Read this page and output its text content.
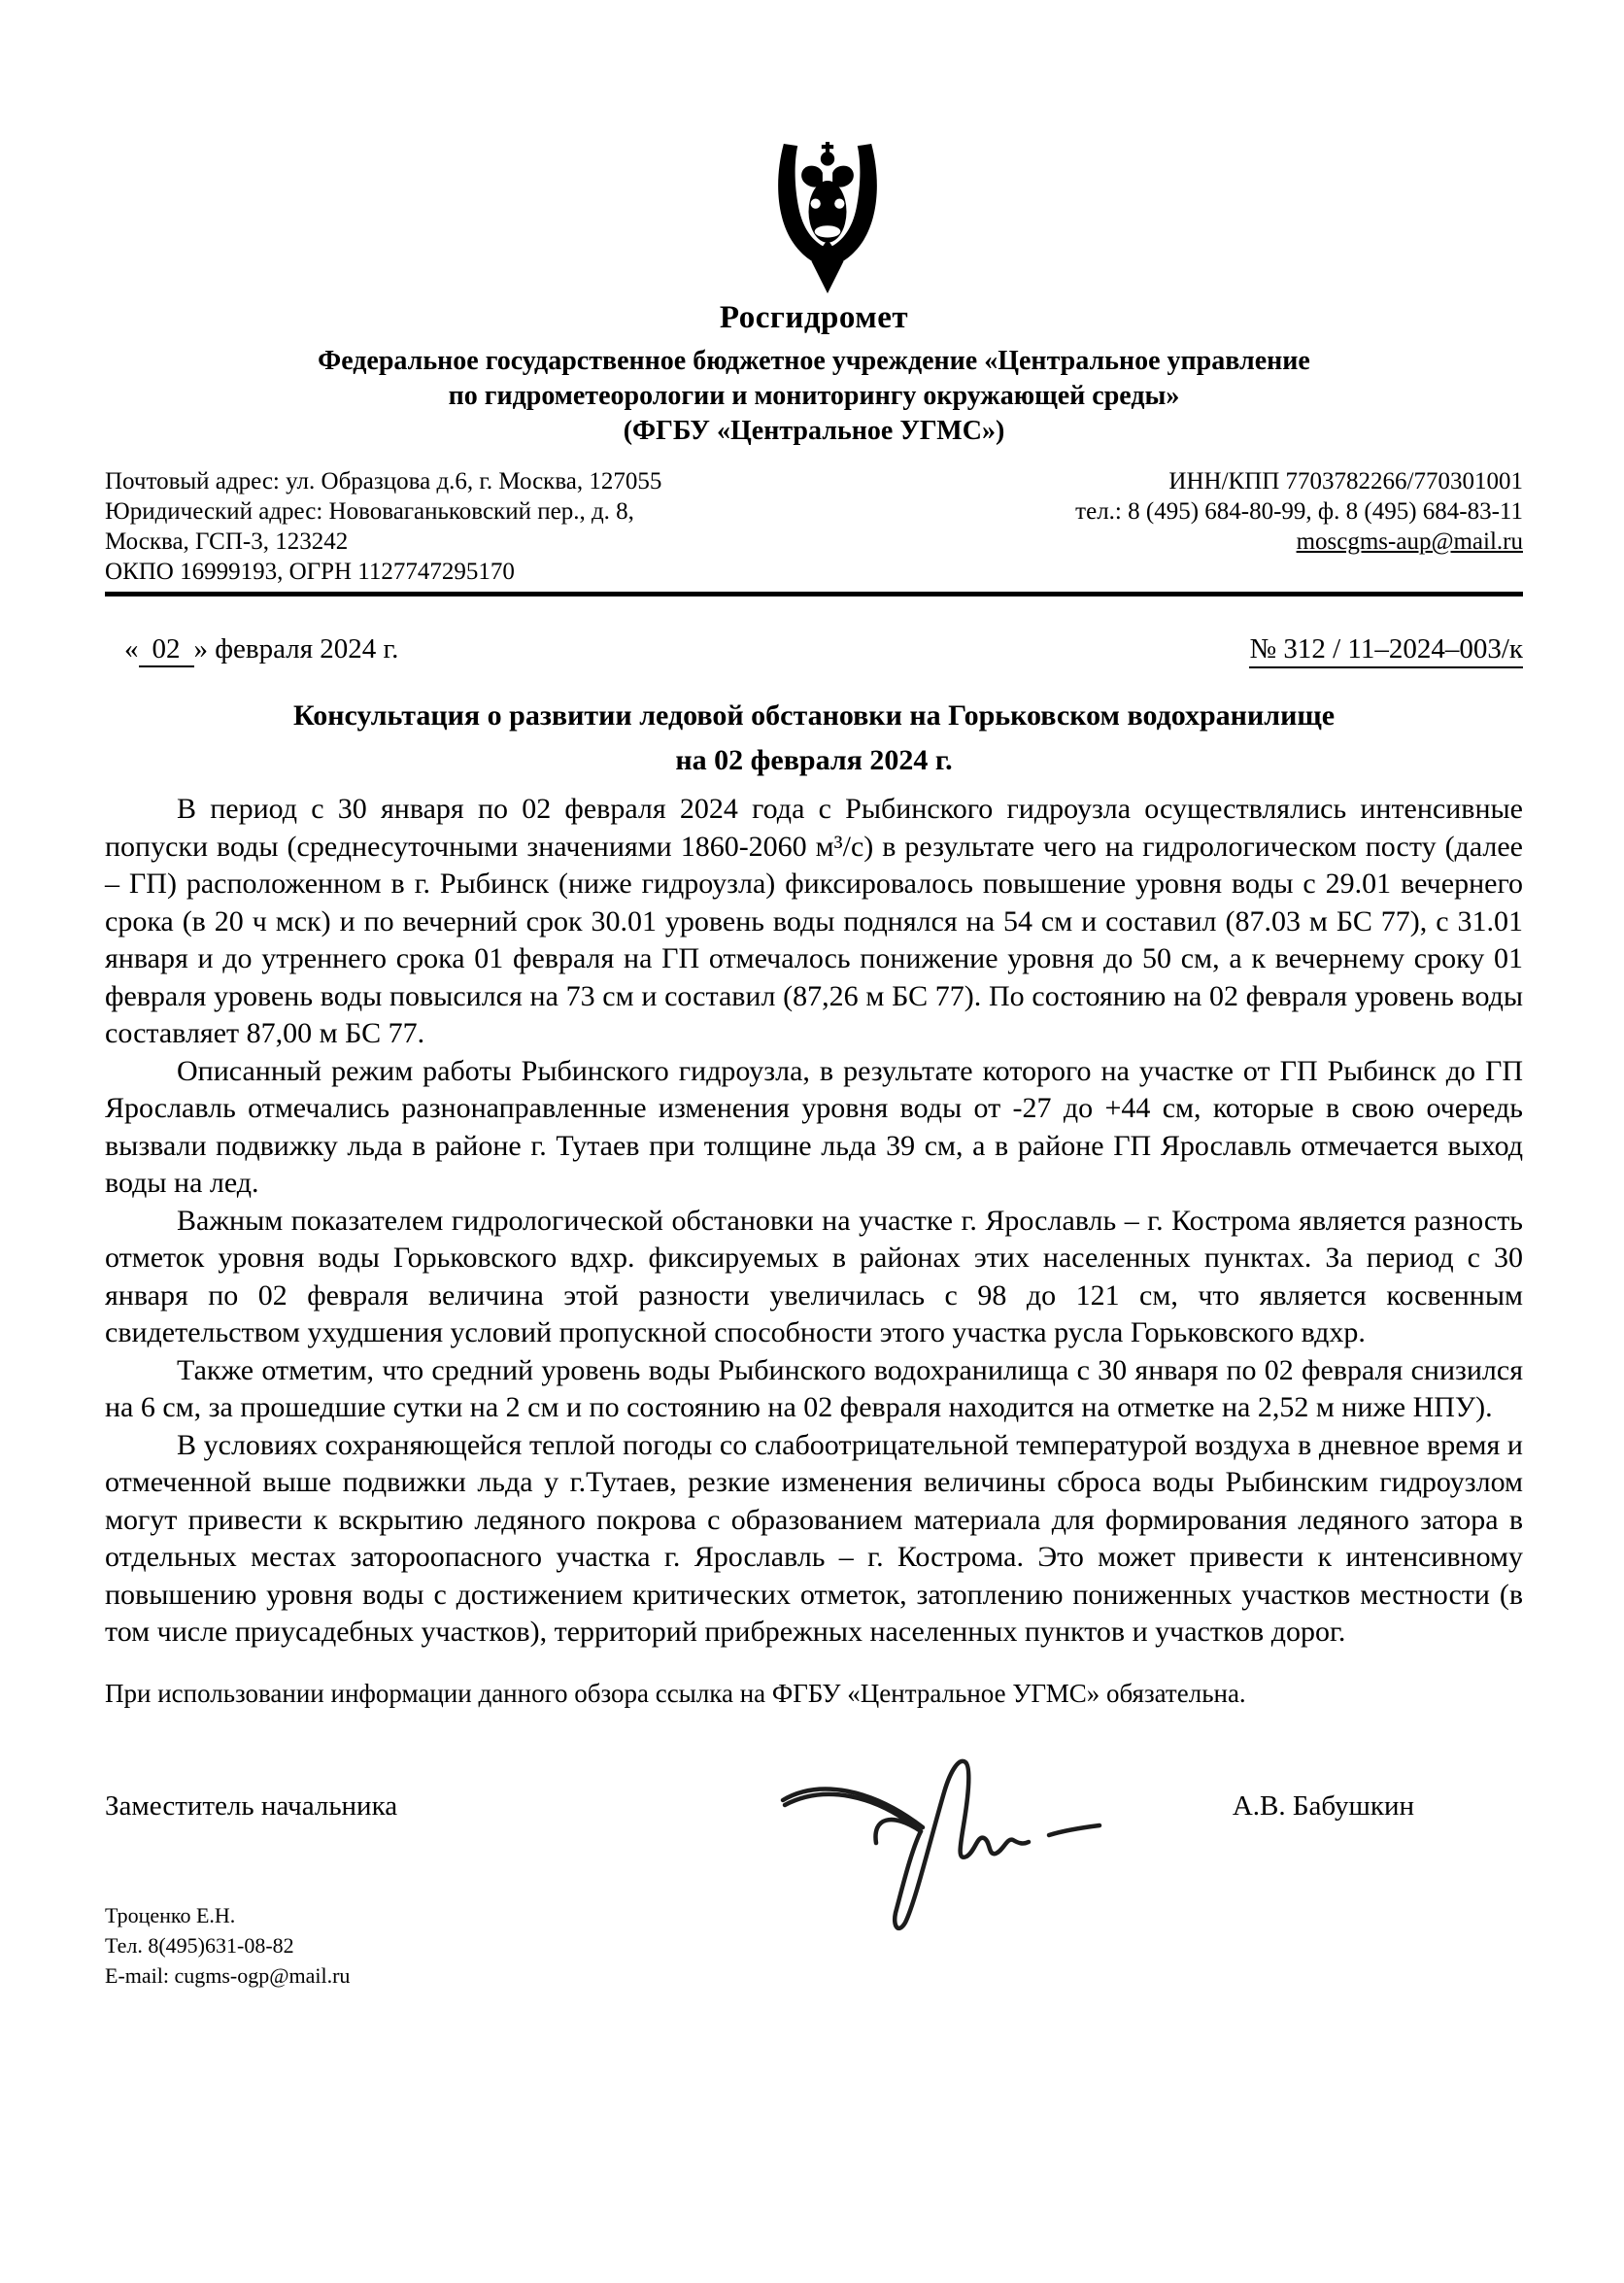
Росгидромет
Федеральное государственное бюджетное учреждение «Центральное управление
по гидрометеорологии и мониторингу окружающей среды»
(ФГБУ «Центральное УГМС»)
Почтовый адрес: ул. Образцова д.6, г. Москва, 127055
Юридический адрес: Нововаганьковский пер., д. 8,
Москва, ГСП-3, 123242
ОКПО 16999193, ОГРН 1127747295170
ИНН/КПП 7703782266/770301001
тел.: 8 (495) 684-80-99, ф. 8 (495) 684-83-11
moscgms-aup@mail.ru
« 02 » февраля 2024 г.	№ 312 / 11–2024–003/к
Консультация о развитии ледовой обстановки на Горьковском водохранилище
на 02 февраля 2024 г.

В период с 30 января по 02 февраля 2024 года с Рыбинского гидроузла осуществлялись интенсивные попуски воды (среднесуточными значениями 1860-2060 м³/с) в результате чего на гидрологическом посту (далее – ГП) расположенном в г. Рыбинск (ниже гидроузла) фиксировалось повышение уровня воды с 29.01 вечернего срока (в 20 ч мск) и по вечерний срок 30.01 уровень воды поднялся на 54 см и составил (87.03 м БС 77), с 31.01 января и до утреннего срока 01 февраля на ГП отмечалось понижение уровня до 50 см, а к вечернему сроку 01 февраля уровень воды повысился на 73 см и составил (87,26 м БС 77). По состоянию на 02 февраля уровень воды составляет 87,00 м БС 77.

Описанный режим работы Рыбинского гидроузла, в результате которого на участке от ГП Рыбинск до ГП Ярославль отмечались разнонаправленные изменения уровня воды от -27 до +44 см, которые в свою очередь вызвали подвижку льда в районе г. Тутаев при толщине льда 39 см, а в районе ГП Ярославль отмечается выход воды на лед.

Важным показателем гидрологической обстановки на участке г. Ярославль – г. Кострома является разность отметок уровня воды Горьковского вдхр. фиксируемых в районах этих населенных пунктах. За период с 30 января по 02 февраля величина этой разности увеличилась с 98 до 121 см, что является косвенным свидетельством ухудшения условий пропускной способности этого участка русла Горьковского вдхр.

Также отметим, что средний уровень воды Рыбинского водохранилища с 30 января по 02 февраля снизился на 6 см, за прошедшие сутки на 2 см и по состоянию на 02 февраля находится на отметке на 2,52 м ниже НПУ).

В условиях сохраняющейся теплой погоды со слабоотрицательной температурой воздуха в дневное время и отмеченной выше подвижки льда у г.Тутаев, резкие изменения величины сброса воды Рыбинским гидроузлом могут привести к вскрытию ледяного покрова с образованием материала для формирования ледяного затора в отдельных местах затороопасного участка г. Ярославль – г. Кострома. Это может привести к интенсивному повышению уровня воды с достижением критических отметок, затоплению пониженных участков местности (в том числе приусадебных участков), территорий прибрежных населенных пунктов и участков дорог.

При использовании информации данного обзора ссылка на ФГБУ «Центральное УГМС» обязательна.
Заместитель начальника	А.В. Бабушкин
Троценко Е.Н.
Тел. 8(495)631-08-82
E-mail: cugms-ogp@mail.ru
